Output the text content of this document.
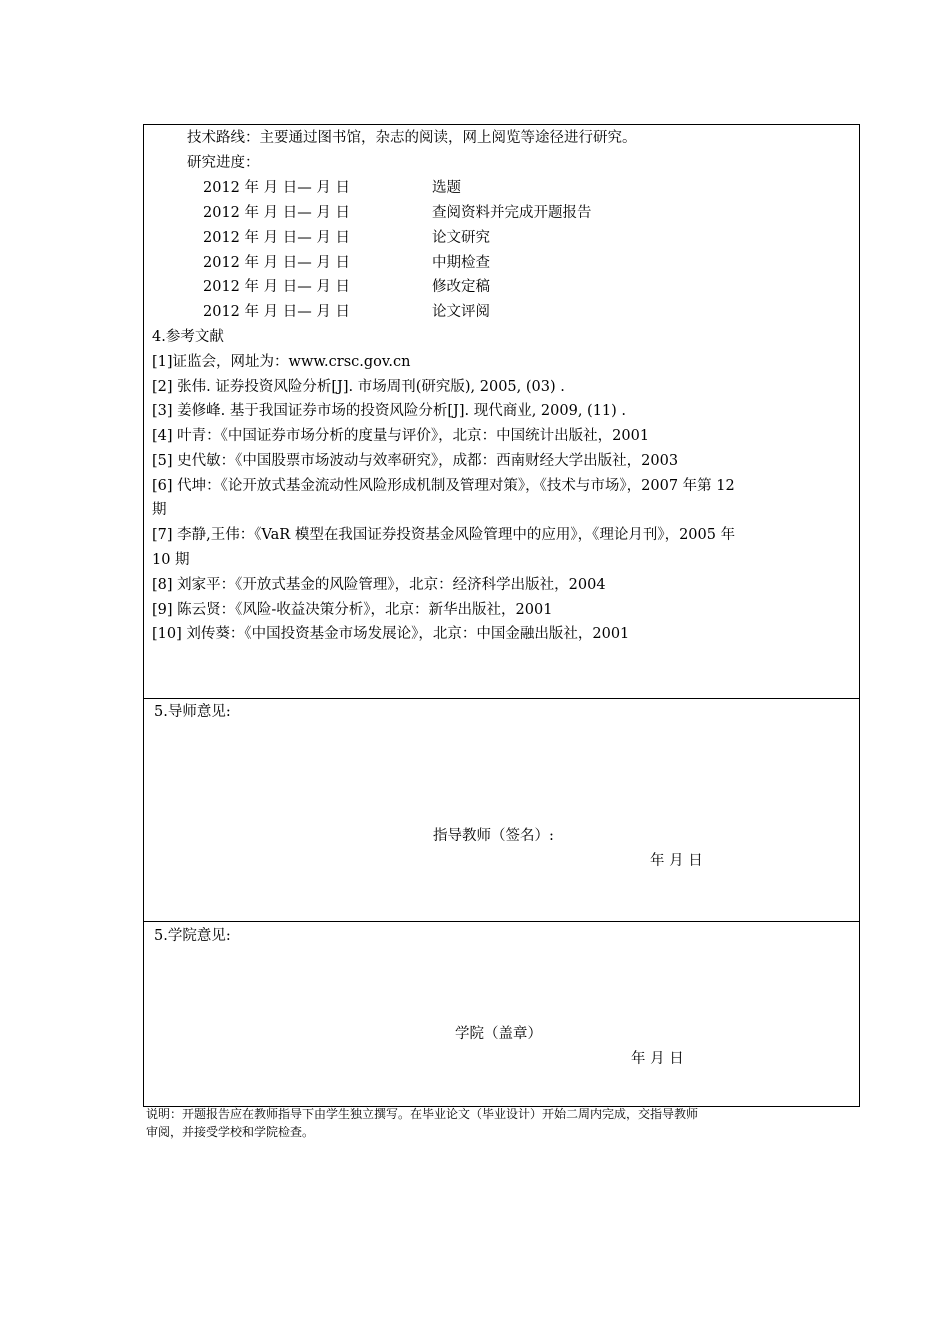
技术路线：主要通过图书馆，杂志的阅读，网上阅览等途径进行研究。
研究进度：
2012 年 月 日— 月 日	选题
2012 年 月 日— 月 日	查阅资料并完成开题报告
2012 年 月 日— 月 日	论文研究
2012 年 月 日— 月 日	中期检查
2012 年 月 日— 月 日	修改定稿
2012 年 月 日— 月 日	论文评阅
4.参考文献
[1]证监会，网址为：www.crsc.gov.cn
[2] 张伟. 证券投资风险分析[J]. 市场周刊(研究版), 2005, (03) .
[3] 姜修峰. 基于我国证券市场的投资风险分析[J]. 现代商业, 2009, (11) .
[4] 叶青：《中国证券市场分析的度量与评价》，北京：中国统计出版社，2001
[5] 史代敏：《中国股票市场波动与效率研究》，成都：西南财经大学出版社，2003
[6] 代坤：《论开放式基金流动性风险形成机制及管理对策》，《技术与市场》，2007 年第 12
期
[7] 李静,王伟：《VaR 模型在我国证券投资基金风险管理中的应用》，《理论月刊》，2005 年
10 期
[8] 刘家平：《开放式基金的风险管理》，北京：经济科学出版社，2004
[9] 陈云贤：《风险-收益决策分析》，北京：新华出版社，2001
[10] 刘传葵：《中国投资基金市场发展论》，北京：中国金融出版社，2001
5.导师意见:
指导教师（签名）:
年 月 日
5.学院意见:
学院（盖章）
年 月 日
说明：开题报告应在教师指导下由学生独立撰写。在毕业论文（毕业设计）开始二周内完成，交指导教师
审阅，并接受学校和学院检查。
